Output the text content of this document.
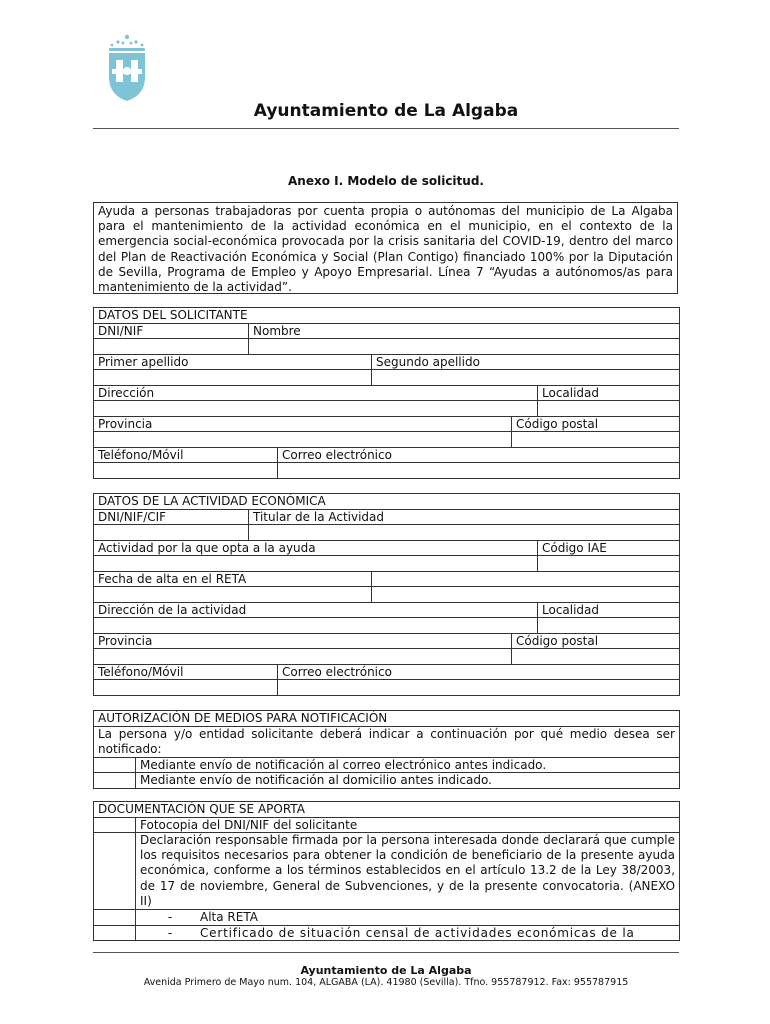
Ayuntamiento de La Algaba
Anexo I. Modelo de solicitud.

Ayuda a personas trabajadoras por cuenta propia o autónomas del municipio de La Algaba para el mantenimiento de la actividad económica en el municipio, en el contexto de la emergencia social-económica provocada por la crisis sanitaria del COVID-19, dentro del marco del Plan de Reactivación Económica y Social (Plan Contigo) financiado 100% por la Diputación de Sevilla, Programa de Empleo y Apoyo Empresarial. Línea 7 “Ayudas a autónomos/as para mantenimiento de la actividad”.

DATOS DEL SOLICITANTE					
DNI/NIF	Nombre				

Primer apellido			Segundo apellido		

Dirección					Localidad

Provincia				Código postal	

Teléfono/Móvil		Correo electrónico			

DATOS DE LA ACTIVIDAD ECONÓMICA					
DNI/NIF/CIF	Titular de la Actividad				

Actividad por la que opta a la ayuda					Código IAE

Fecha de alta en el RETA					

Dirección de la actividad					Localidad

Provincia				Código postal	

Teléfono/Móvil		Correo electrónico			

AUTORIZACIÓN DE MEDIOS PARA NOTIFICACIÓN	
La persona y/o entidad solicitante deberá indicar a continuación por qué medio desea ser notificado:	
	Mediante envío de notificación al correo electrónico antes indicado.
	Mediante envío de notificación al domicilio antes indicado.
DOCUMENTACIÓN QUE SE APORTA	
	Fotocopia del DNI/NIF del solicitante
	Declaración responsable firmada por la persona interesada donde declarará que cumple los requisitos necesarios para obtener la condición de beneficiario de la presente ayuda económica, conforme a los términos establecidos en el artículo 13.2 de la Ley 38/2003, de 17 de noviembre, General de Subvenciones, y de la presente convocatoria. (ANEXO II)
	- Alta RETA
	- Certificado de situación censal de actividades económicas de la
Ayuntamiento de La Algaba
Avenida Primero de Mayo num. 104, ALGABA (LA). 41980 (Sevilla). Tfno. 955787912. Fax: 955787915
